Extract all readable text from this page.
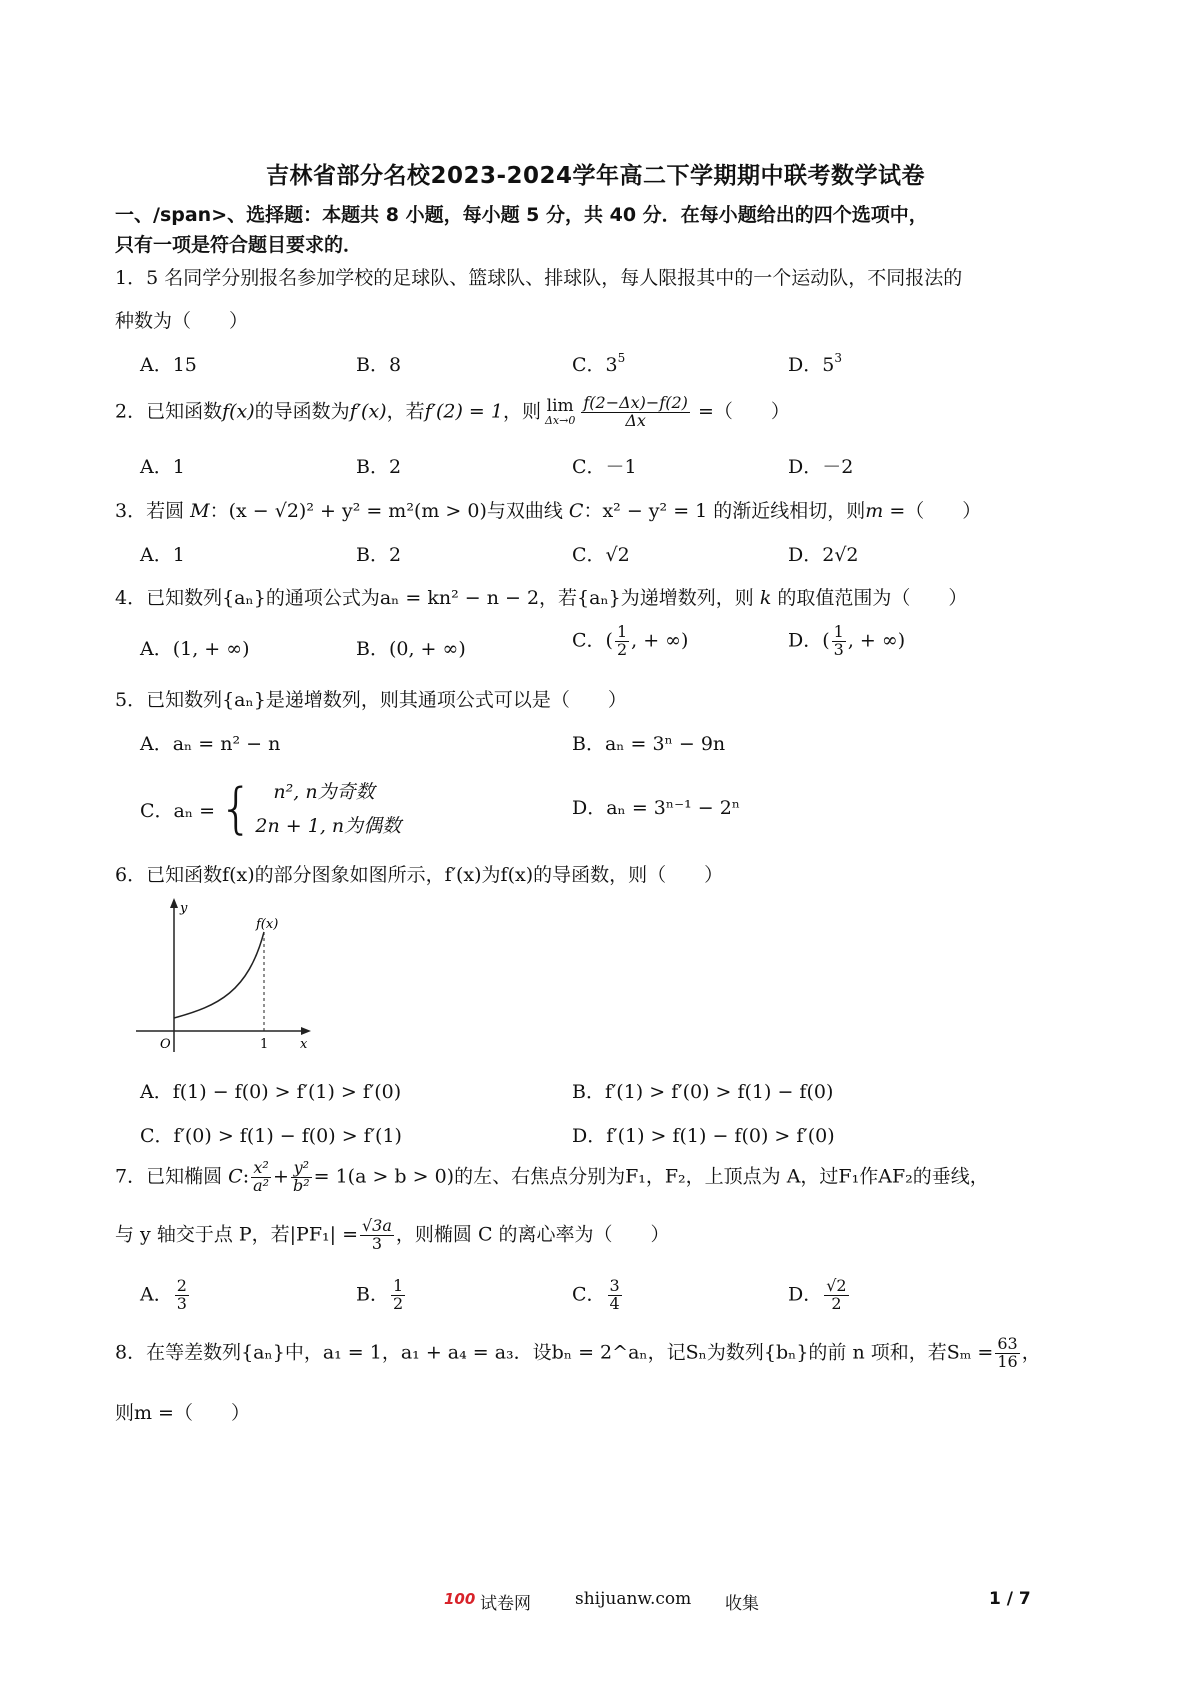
吉林省部分名校2023-2024学年高二下学期期中联考数学试卷
一、/span>、选择题：本题共 8 小题，每小题 5 分，共 40 分．在每小题给出的四个选项中，
只有一项是符合题目要求的．
1．5 名同学分别报名参加学校的足球队、篮球队、排球队，每人限报其中的一个运动队，不同报法的
种数为（　　）
A．15	B．8	C．$3^5$	D．$5^3$
2．已知函数f(x)的导函数为f′(x)，若f′(2) = 1，则 lim
$\Delta x\to 0 \frac{f(2-\Delta x)-f(2)}{\Delta x}$ =（　　）
A．1	B．2	C．－1	D．－2
3．若圆 M：(x − √2)² + y² = m²(m > 0)与双曲线 C：x² − y² = 1 的渐近线相切，则m =（　　）
A．1	B．2	C．√2	D．2√2
4．已知数列{aₙ}的通项公式为aₙ = kn² − n − 2，若{aₙ}为递增数列，则 k 的取值范围为（　　）
A．(1, + ∞)	B．(0, + ∞)	C．( $\frac{1}{2}$ , + ∞)	D．( $\frac{1}{3}$ , + ∞)
5．已知数列{aₙ}是递增数列，则其通项公式可以是（　　）
A．aₙ = n² − n	B．aₙ = 3ⁿ − 9n
C．aₙ = {	n², n为奇数
2n + 1, n为偶数
D．aₙ = 3ⁿ⁻¹ − 2ⁿ
6．已知函数f(x)的部分图象如图所示，f′(x)为f(x)的导函数，则（　　）
y
x
O	1
f(x)
A．f(1) − f(0) > f′(1) > f′(0)	B．f′(1) > f′(0) > f(1) − f(0)
C．f′(0) > f(1) − f(0) > f′(1)	D．f′(1) > f(1) − f(0) > f′(0)
7．已知椭圆 C: $\frac{\text{x²}}{\text{a²}} + \frac{\text{y²}}{\text{b²}} = 1(a > b > 0)$的左、右焦点分别为F₁，F₂，上顶点为 A，过F₁作AF₂的垂线，
与 y 轴交于点 P，若$|PF_1| = \frac{√3a}{3}$ ，则椭圆 C 的离心率为（　　）
A． $\frac{2}{3}$	B． $\frac{1}{2}$	C． $\frac{3}{4}$	D． $\frac{√2}{2}$
8．在等差数列{aₙ}中，a₁ = 1，a₁ + a₄ = a₃．设bₙ = 2^aₙ，记Sₙ为数列{bₙ}的前 n 项和，若$S_m = \frac{63}{16}$ ，
则m =（　　）
100 试卷网	shijuanw.com 收集	1 / 7
